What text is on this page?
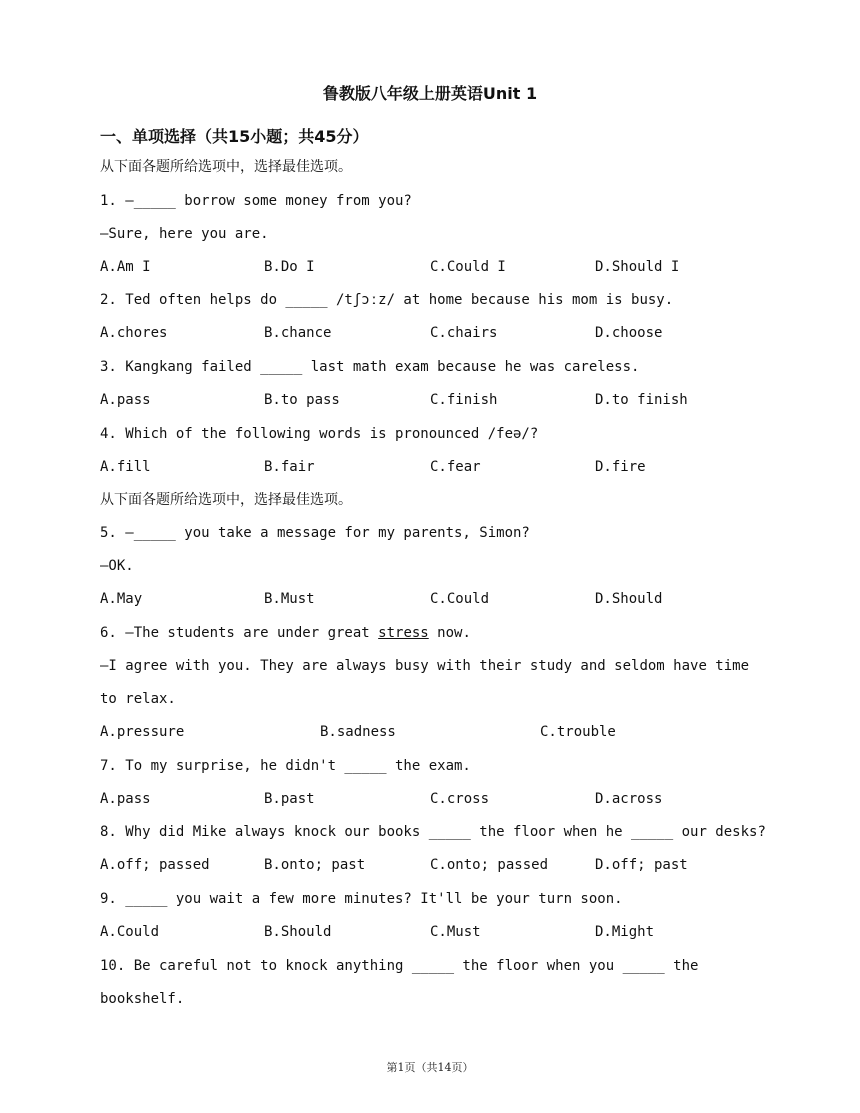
鲁教版八年级上册英语Unit 1
一、单项选择（共15小题；共45分）
从下面各题所给选项中，选择最佳选项。
1. —_____ borrow some money from you?
—Sure, here you are.
A.Am I	B.Do I	C.Could I	D.Should I
2. Ted often helps do _____ /tʃɔːz/ at home because his mom is busy.
A.chores	B.chance	C.chairs	D.choose
3. Kangkang failed _____ last math exam because he was careless.
A.pass	B.to pass	C.finish	D.to finish
4. Which of the following words is pronounced /feə/?
A.fill	B.fair	C.fear	D.fire
从下面各题所给选项中，选择最佳选项。
5. —_____ you take a message for my parents, Simon?
—OK.
A.May	B.Must	C.Could	D.Should
6. —The students are under great stress now.
—I agree with you. They are always busy with their study and seldom have time
to relax.
A.pressure	B.sadness	C.trouble
7. To my surprise, he didn't _____ the exam.
A.pass	B.past	C.cross	D.across
8. Why did Mike always knock our books _____ the floor when he _____ our desks?
A.off; passed	B.onto; past	C.onto; passed	D.off; past
9. _____ you wait a few more minutes? It'll be your turn soon.
A.Could	B.Should	C.Must	D.Might
10. Be careful not to knock anything _____ the floor when you _____ the
bookshelf.
第1页（共14页）
